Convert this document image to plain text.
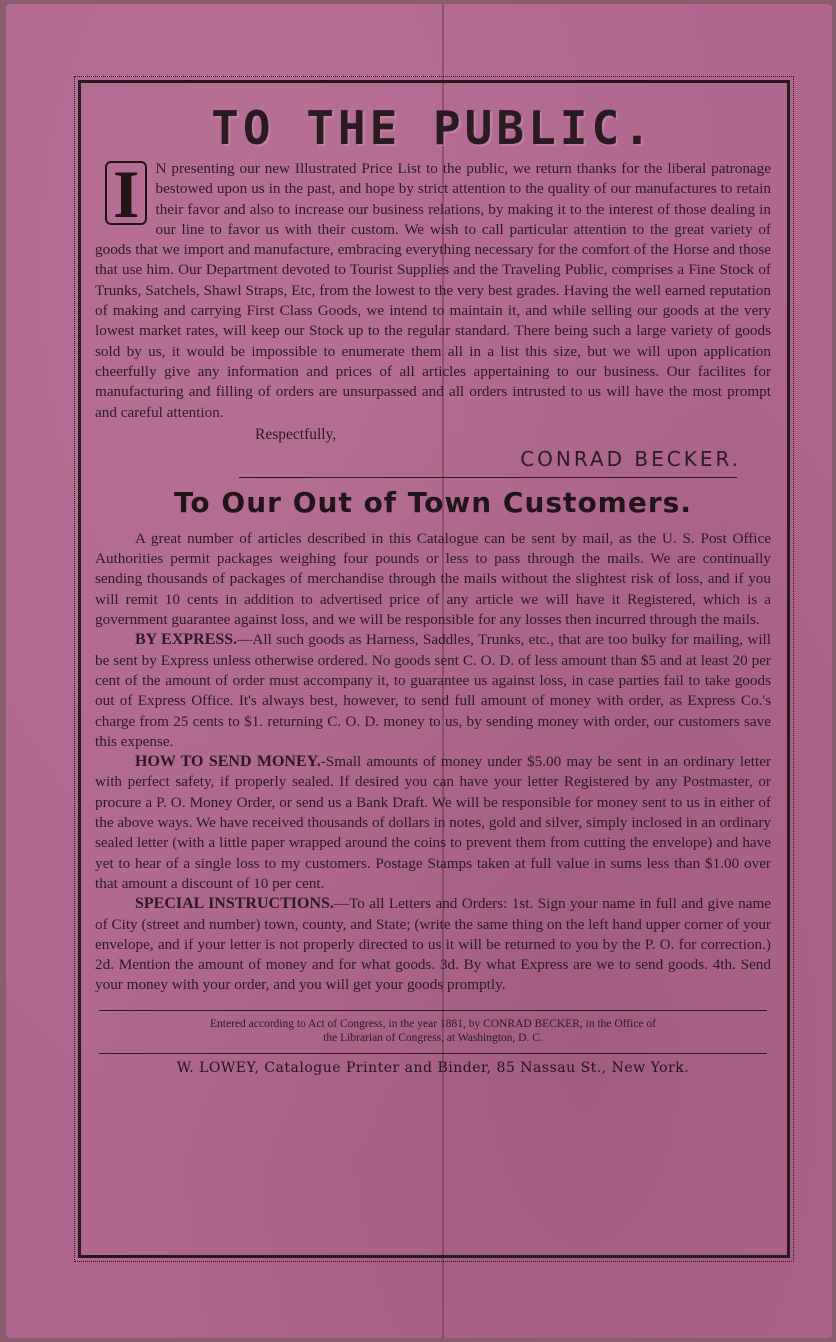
TO THE PUBLIC.
I	N presenting our new Illustrated Price List to the public, we return thanks for the liberal patronage bestowed upon us in the past, and hope by strict attention to the quality of our manufactures to retain their favor and also to increase our business relations, by making it to the interest of those dealing in our line to favor us with their custom. We wish to call particular attention to the great variety of goods that we import and manufacture, embracing everything necessary for the comfort of the Horse and those that use him. Our Department devoted to Tourist Supplies and the Traveling Public, comprises a Fine Stock of Trunks, Satchels, Shawl Straps, Etc, from the lowest to the very best grades. Having the well earned reputation of making and carrying First Class Goods, we intend to maintain it, and while selling our goods at the very lowest market rates, will keep our Stock up to the regular standard. There being such a large variety of goods sold by us, it would be impossible to enumerate them all in a list this size, but we will upon application cheerfully give any information and prices of all articles appertaining to our business. Our facilites for manufacturing and filling of orders are unsurpassed and all orders intrusted to us will have the most prompt and careful attention.
Respectfully,
CONRAD BECKER.
To Our Out of Town Customers.
A great number of articles described in this Catalogue can be sent by mail, as the U. S. Post Office Authorities permit packages weighing four pounds or less to pass through the mails. We are continually sending thousands of packages of merchandise through the mails without the slightest risk of loss, and if you will remit 10 cents in addition to advertised price of any article we will have it Registered, which is a government guarantee against loss, and we will be responsible for any losses then incurred through the mails.
BY EXPRESS.—All such goods as Harness, Saddles, Trunks, etc., that are too bulky for mailing, will be sent by Express unless otherwise ordered. No goods sent C. O. D. of less amount than $5 and at least 20 per cent of the amount of order must accompany it, to guarantee us against loss, in case parties fail to take goods out of Express Office. It's always best, however, to send full amount of money with order, as Express Co.'s charge from 25 cents to $1. returning C. O. D. money to us, by sending money with order, our customers save this expense.
HOW TO SEND MONEY.-Small amounts of money under $5.00 may be sent in an ordinary letter with perfect safety, if properly sealed. If desired you can have your letter Registered by any Postmaster, or procure a P. O. Money Order, or send us a Bank Draft. We will be responsible for money sent to us in either of the above ways. We have received thousands of dollars in notes, gold and silver, simply inclosed in an ordinary sealed letter (with a little paper wrapped around the coins to prevent them from cutting the envelope) and have yet to hear of a single loss to my customers. Postage Stamps taken at full value in sums less than $1.00 over that amount a discount of 10 per cent.
SPECIAL INSTRUCTIONS.—To all Letters and Orders: 1st. Sign your name in full and give name of City (street and number) town, county, and State; (write the same thing on the left hand upper corner of your envelope, and if your letter is not properly directed to us it will be returned to you by the P. O. for correction.) 2d. Mention the amount of money and for what goods. 3d. By what Express are we to send goods. 4th. Send your money with your order, and you will get your goods promptly.
Entered according to Act of Congress, in the year 1881, by CONRAD BECKER, in the Office of
the Librarian of Congress, at Washington, D. C.
W. LOWEY, Catalogue Printer and Binder, 85 Nassau St., New York.
